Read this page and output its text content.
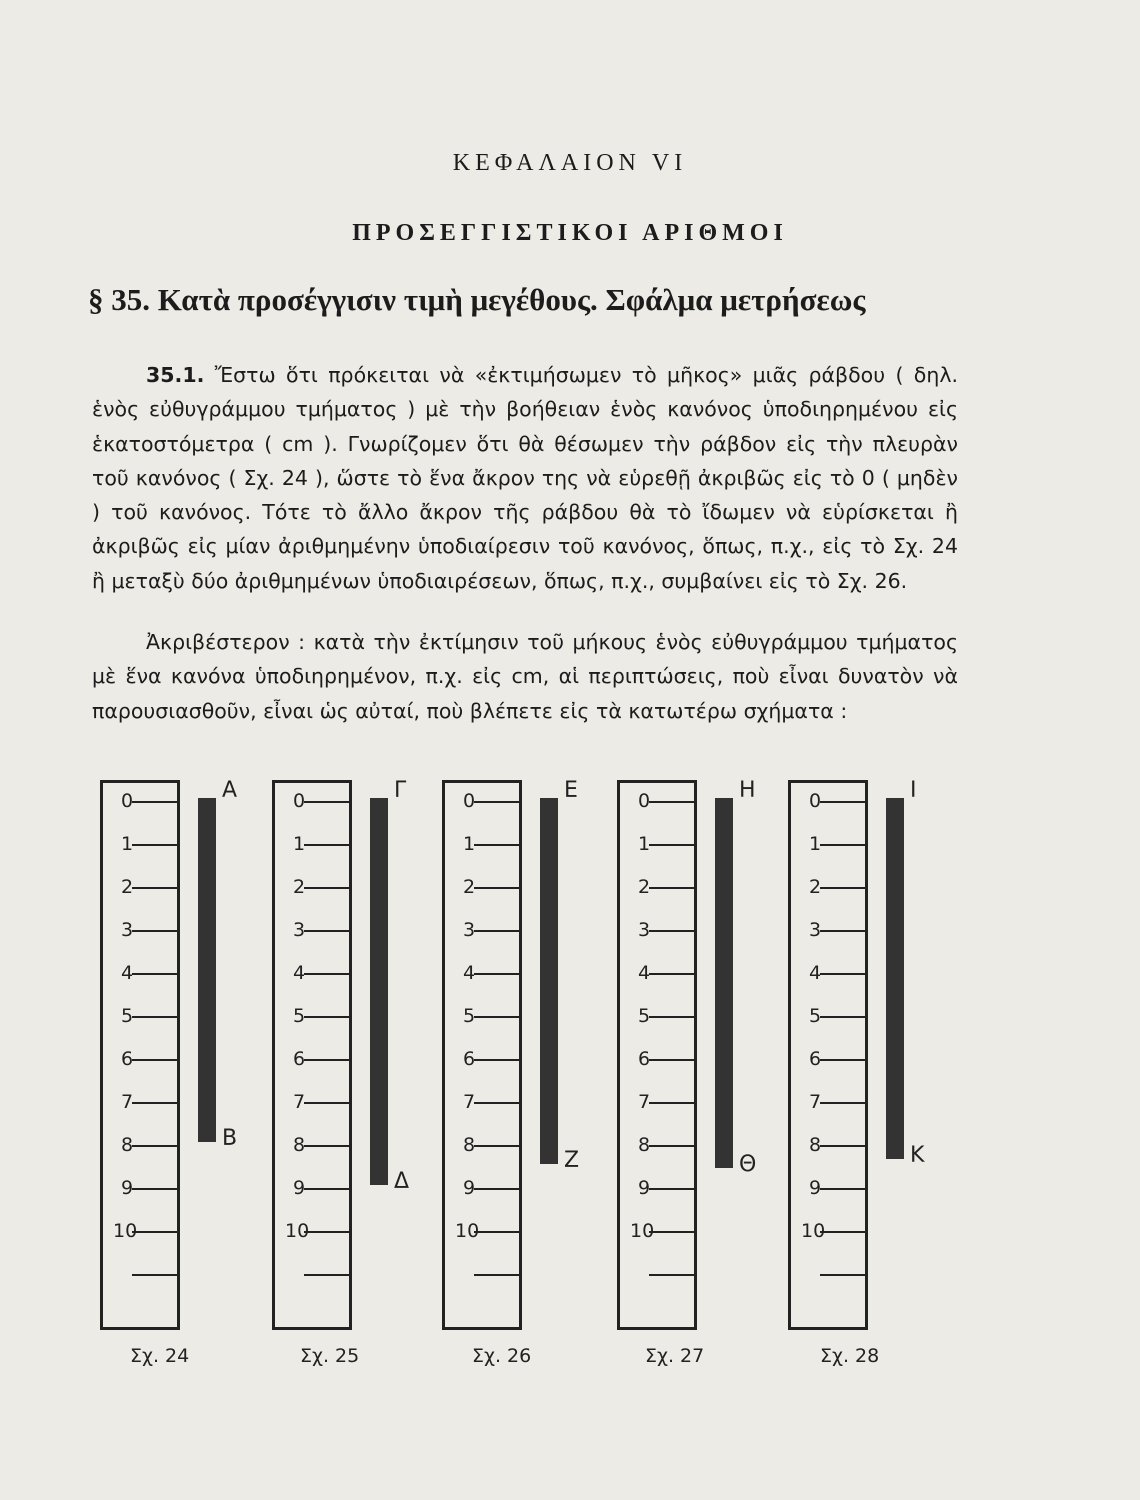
ΚΕΦΑΛΑΙΟΝ VI
ΠΡΟΣΕΓΓΙΣΤΙΚΟΙ ΑΡΙΘΜΟΙ
§ 35. Κατὰ προσέγγισιν τιμὴ μεγέθους. Σφάλμα μετρήσεως
35.1. Ἔστω ὅτι πρόκειται νὰ «ἐκτιμήσωμεν τὸ μῆκος» μιᾶς ράβδου ( δηλ. ἑνὸς εὐθυγράμμου τμήματος ) μὲ τὴν βοήθειαν ἑνὸς κανόνος ὑποδιηρημένου εἰς ἑκατοστόμετρα ( cm ). Γνωρίζομεν ὅτι θὰ θέσωμεν τὴν ράβδον εἰς τὴν πλευρὰν τοῦ κανόνος ( Σχ. 24 ), ὥστε τὸ ἕνα ἄκρον της νὰ εὑρεθῇ ἀκριβῶς εἰς τὸ 0 ( μηδὲν ) τοῦ κανόνος. Τότε τὸ ἄλλο ἄκρον τῆς ράβδου θὰ τὸ ἴδωμεν νὰ εὑρίσκεται ἢ ἀκριβῶς εἰς μίαν ἀριθμημένην ὑποδιαίρεσιν τοῦ κανόνος, ὅπως, π.χ., εἰς τὸ Σχ. 24 ἢ μεταξὺ δύο ἀριθμημένων ὑποδιαιρέσεων, ὅπως, π.χ., συμβαίνει εἰς τὸ Σχ. 26.
Ἀκριβέστερον : κατὰ τὴν ἐκτίμησιν τοῦ μήκους ἑνὸς εὐθυγράμμου τμήματος μὲ ἕνα κανόνα ὑποδιηρημένον, π.χ. εἰς cm, αἱ περιπτώσεις, ποὺ εἶναι δυνατὸν νὰ παρουσιασθοῦν, εἶναι ὡς αὐταί, ποὺ βλέπετε εἰς τὰ κατωτέρω σχήματα :
0
1
2
3
4
5
6
7
8
9
10
Α
Β
Σχ. 24
0
1
2
3
4
5
6
7
8
9
10
Γ
Δ
Σχ. 25
0
1
2
3
4
5
6
7
8
9
10
Ε
Ζ
Σχ. 26
0
1
2
3
4
5
6
7
8
9
10
Η
Θ
Σχ. 27
0
1
2
3
4
5
6
7
8
9
10
Ι
Κ
Σχ. 28
